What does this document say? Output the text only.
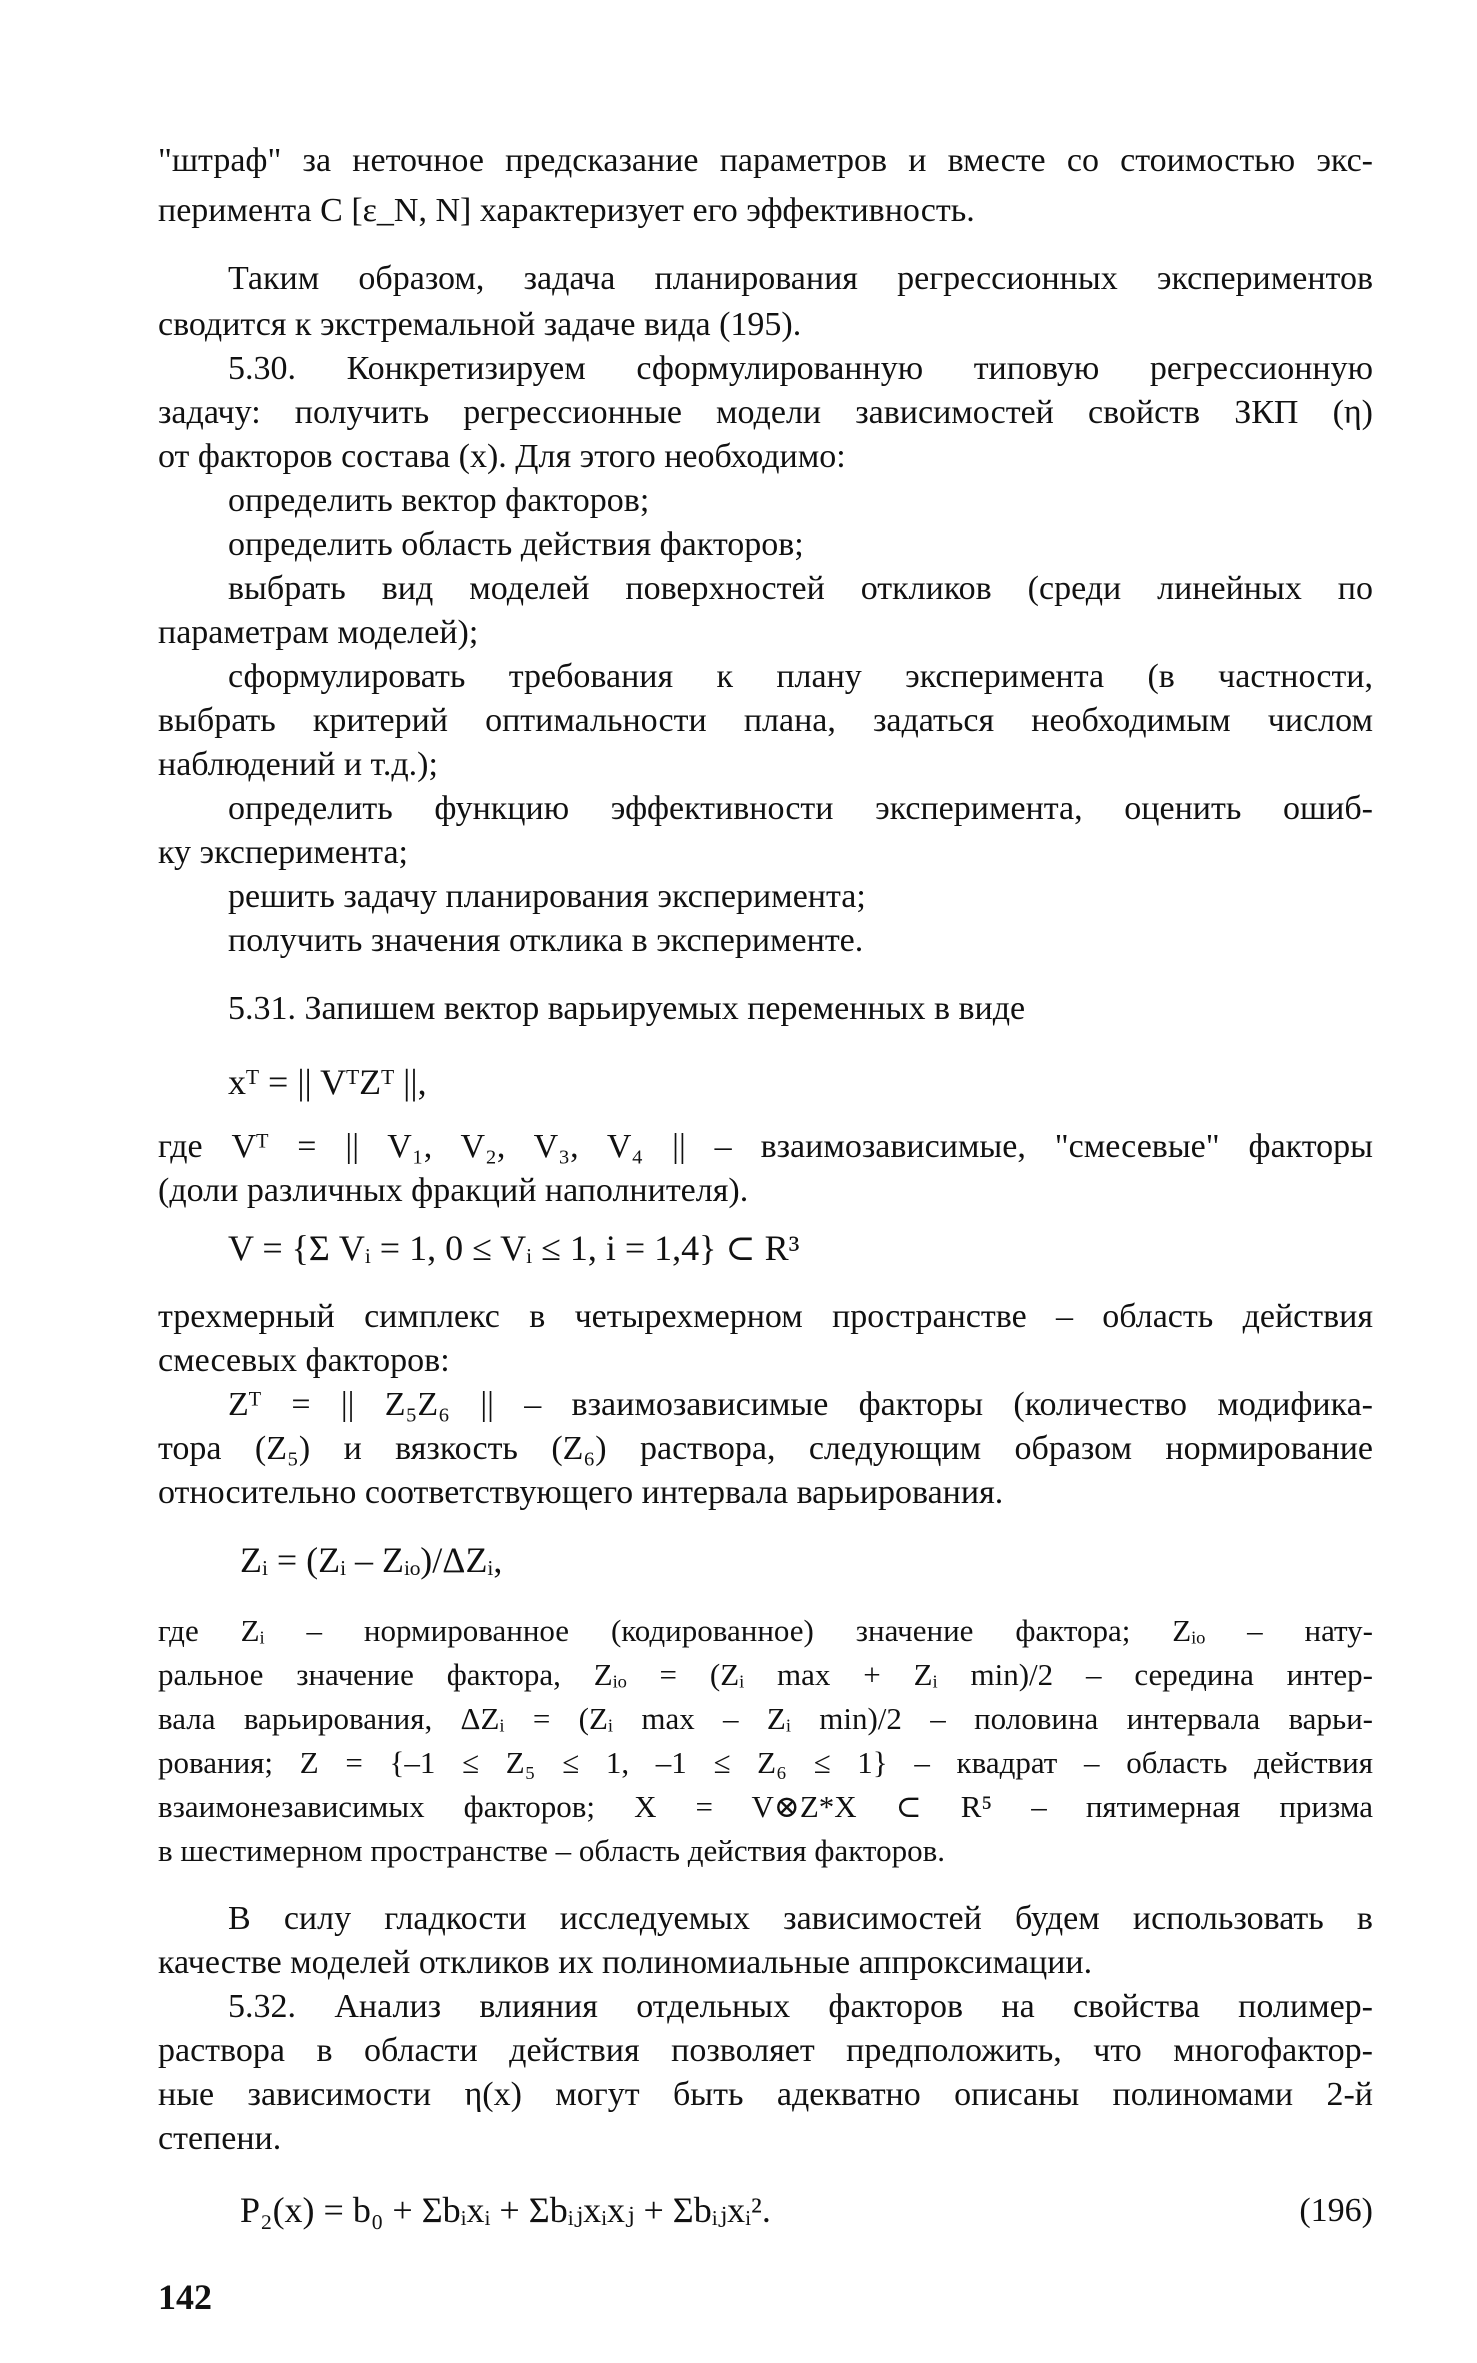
"штраф" за неточное предсказание параметров и вместе со стоимостью экс-
перимента C [ε_N, N] характеризует его эффективность.
Таким образом, задача планирования регрессионных экспериментов
сводится к экстремальной задаче вида (195).
5.30. Конкретизируем сформулированную типовую регрессионную
задачу: получить регрессионные модели зависимостей свойств ЗКП (η)
от факторов состава (x). Для этого необходимо:
определить вектор факторов;
определить область действия факторов;
выбрать вид моделей поверхностей откликов (среди линейных по
параметрам моделей);
сформулировать требования к плану эксперимента (в частности,
выбрать критерий оптимальности плана, задаться необходимым числом
наблюдений и т.д.);
определить функцию эффективности эксперимента, оценить ошиб-
ку эксперимента;
решить задачу планирования эксперимента;
получить значения отклика в эксперименте.
5.31. Запишем вектор варьируемых переменных в виде
xᵀ = || VᵀZᵀ ||,
где Vᵀ = || V₁, V₂, V₃, V₄ || – взаимозависимые, "смесевые" факторы
(доли различных фракций наполнителя).
V = {Σ Vᵢ = 1, 0 ≤ Vᵢ ≤ 1, i = 1,4} ⊂ R³
трехмерный симплекс в четырехмерном пространстве – область действия
смесевых факторов:
Zᵀ = || Z₅Z₆ || – взаимозависимые факторы (количество модифика-
тора (Z₅) и вязкость (Z₆) раствора, следующим образом нормирование
относительно соответствующего интервала варьирования.
Zᵢ = (Zᵢ – Zᵢₒ)/ΔZᵢ,
где Zᵢ – нормированное (кодированное) значение фактора; Zᵢₒ – нату-
ральное значение фактора, Zᵢₒ = (Zᵢ max + Zᵢ min)/2 – середина интер-
вала варьирования, ΔZᵢ = (Zᵢ max – Zᵢ min)/2 – половина интервала варьи-
рования; Z = {–1 ≤ Z₅ ≤ 1, –1 ≤ Z₆ ≤ 1} – квадрат – область действия
взаимонезависимых факторов; X = V⊗Z*X ⊂ R⁵ – пятимерная призма
в шестимерном пространстве – область действия факторов.
В силу гладкости исследуемых зависимостей будем использовать в
качестве моделей откликов их полиномиальные аппроксимации.
5.32. Анализ влияния отдельных факторов на свойства полимер-
раствора в области действия позволяет предположить, что многофактор-
ные зависимости η(x) могут быть адекватно описаны полиномами 2-й
степени.
P₂(x) = b₀ + Σbᵢxᵢ + Σbᵢⱼxᵢxⱼ + Σbᵢⱼxᵢ².	(196)
142
